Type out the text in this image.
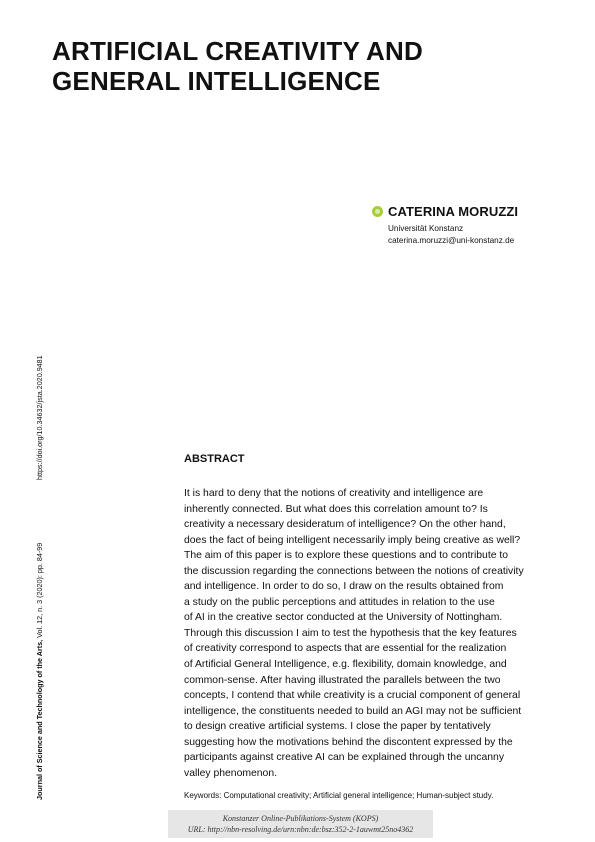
ARTIFICIAL CREATIVITY AND
GENERAL INTELLIGENCE
CATERINA MORUZZI
Universität Konstanz
caterina.moruzzi@uni-konstanz.de
https://doi.org/10.34632/jsta.2020.9481
Journal of Science and Technology of the Arts, Vol. 12, n. 3 (2020): pp. 84-99
ABSTRACT
It is hard to deny that the notions of creativity and intelligence are
inherently connected. But what does this correlation amount to? Is
creativity a necessary desideratum of intelligence? On the other hand,
does the fact of being intelligent necessarily imply being creative as well?
The aim of this paper is to explore these questions and to contribute to
the discussion regarding the connections between the notions of creativity
and intelligence. In order to do so, I draw on the results obtained from
a study on the public perceptions and attitudes in relation to the use
of AI in the creative sector conducted at the University of Nottingham.
Through this discussion I aim to test the hypothesis that the key features
of creativity correspond to aspects that are essential for the realization
of Artificial General Intelligence, e.g. flexibility, domain knowledge, and
common-sense. After having illustrated the parallels between the two
concepts, I contend that while creativity is a crucial component of general
intelligence, the constituents needed to build an AGI may not be sufficient
to design creative artificial systems. I close the paper by tentatively
suggesting how the motivations behind the discontent expressed by the
participants against creative AI can be explained through the uncanny
valley phenomenon.
Keywords: Computational creativity; Artificial general intelligence; Human-subject study.
Konstanzer Online-Publikations-System (KOPS)
URL: http://nbn-resolving.de/urn:nbn:de:bsz:352-2-1auwmt25no4362
